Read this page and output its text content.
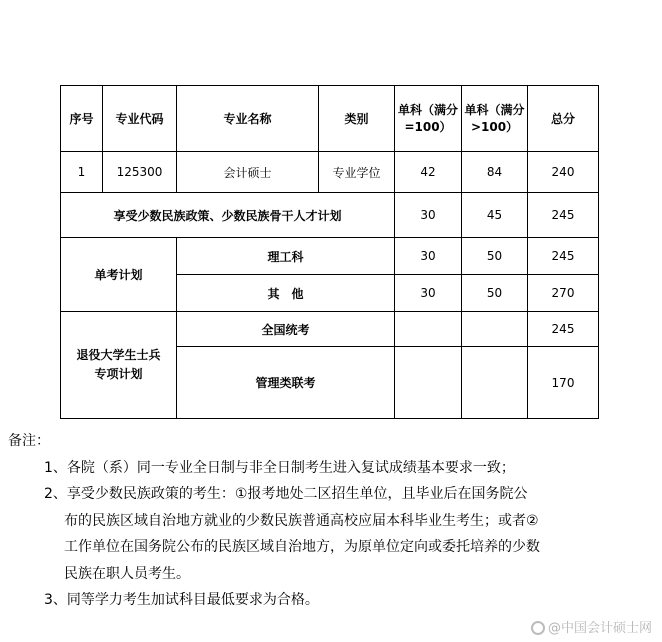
序号	专业代码	专业名称	类别	单科（满分=100）	单科（满分>100）	总分
1	125300	会计硕士	专业学位	42	84	240
享受少数民族政策、少数民族骨干人才计划				30	45	245
单考计划		理工科		30	50	245
		其　他		30	50	270

退役大学生士兵
专项计划		全国统考				245
		管理类联考				170

备注：

1、各院（系）同一专业全日制与非全日制考生进入复试成绩基本要求一致；

2、享受少数民族政策的考生：①报考地处二区招生单位，且毕业后在国务院公

布的民族区域自治地方就业的少数民族普通高校应届本科毕业生考生；或者②

工作单位在国务院公布的民族区域自治地方，为原单位定向或委托培养的少数

民族在职人员考生。

3、同等学力考生加试科目最低要求为合格。

@中国会计硕士网
